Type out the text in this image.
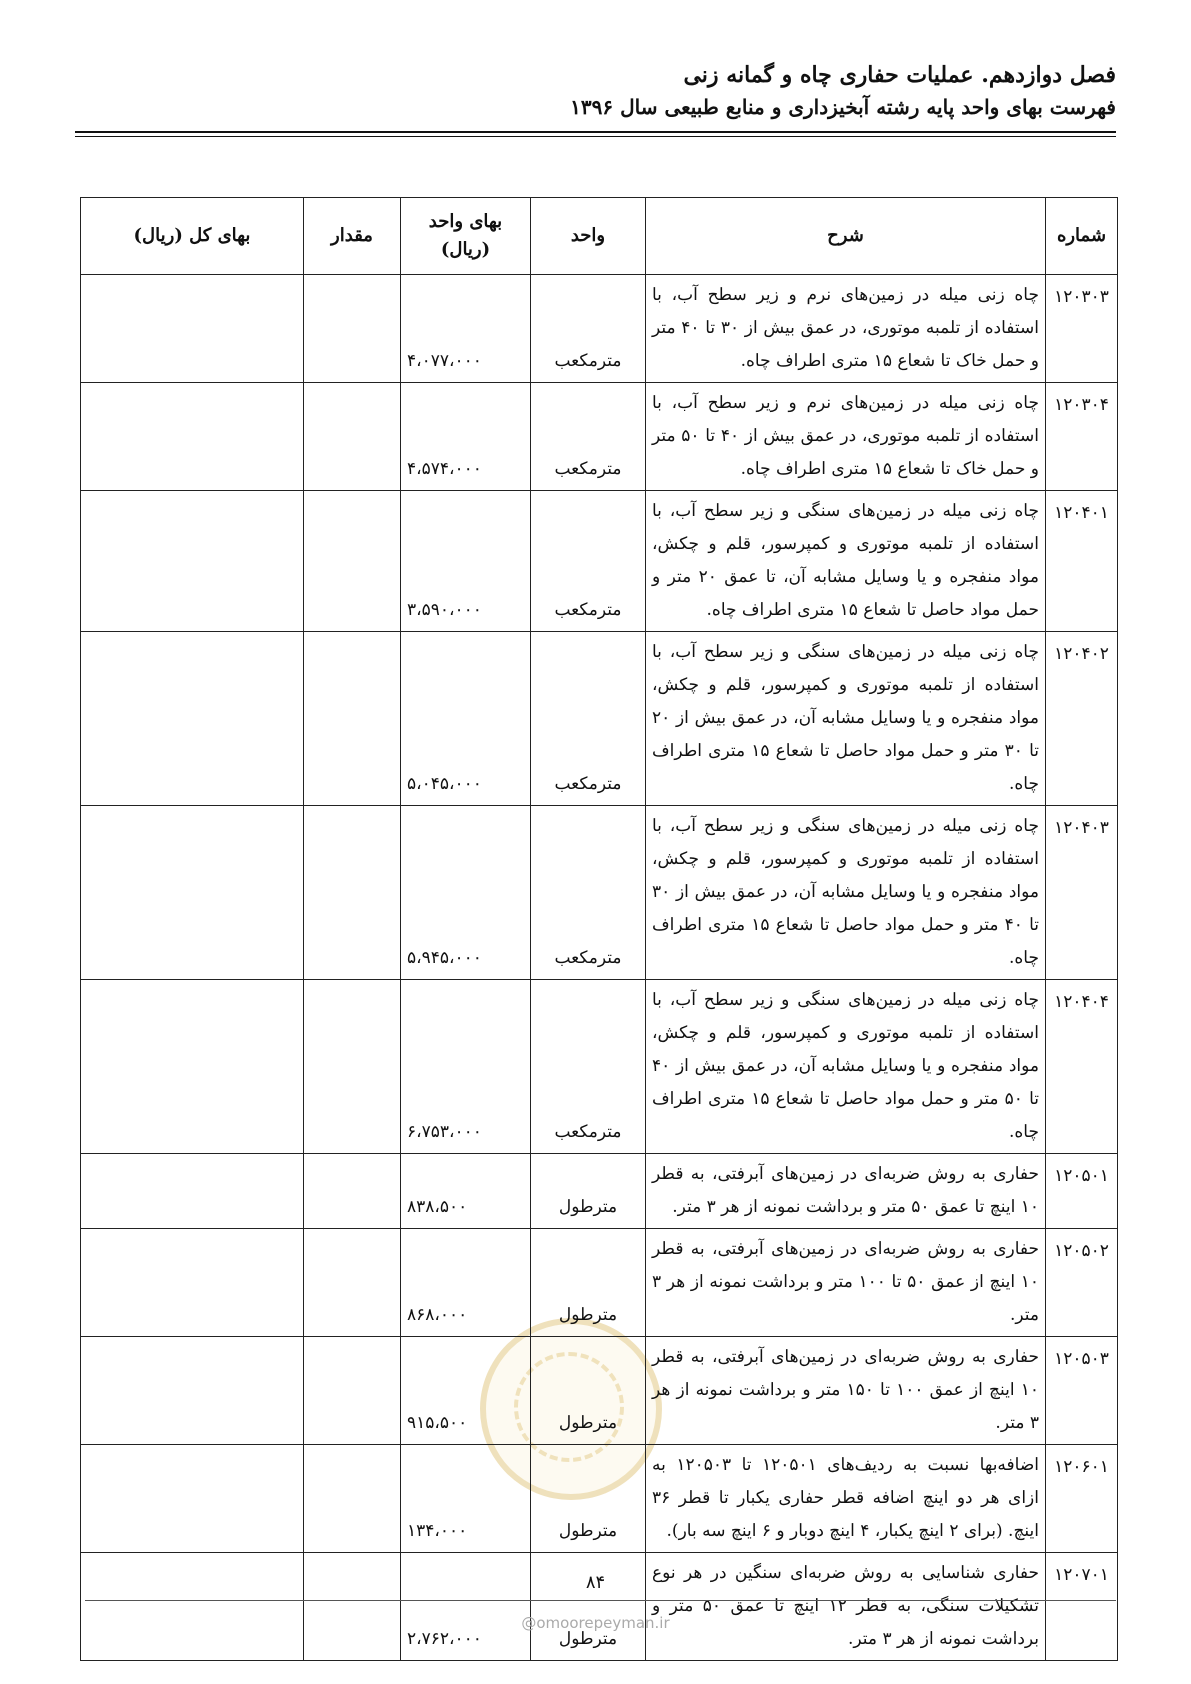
فصل دوازدهم. عملیات حفاری چاه و گمانه زنی
فهرست بهای واحد پایه رشته آبخیزداری و منابع طبیعی سال ۱۳۹۶
شماره	شرح	واحد	بهای واحد (ریال)	مقدار	بهای کل (ریال)
۱۲۰۳۰۳	چاه زنی میله در زمین‌های نرم و زیر سطح آب، با استفاده از تلمبه موتوری، در عمق بیش از ۳۰ تا ۴۰ متر و حمل خاک تا شعاع ۱۵ متری اطراف چاه.	مترمکعب	۴،۰۷۷،۰۰۰		
۱۲۰۳۰۴	چاه زنی میله در زمین‌های نرم و زیر سطح آب، با استفاده از تلمبه موتوری، در عمق بیش از ۴۰ تا ۵۰ متر و حمل خاک تا شعاع ۱۵ متری اطراف چاه.	مترمکعب	۴،۵۷۴،۰۰۰		
۱۲۰۴۰۱	چاه زنی میله در زمین‌های سنگی و زیر سطح آب، با استفاده از تلمبه موتوری و کمپرسور، قلم و چکش، مواد منفجره و یا وسایل مشابه آن، تا عمق ۲۰ متر و حمل مواد حاصل تا شعاع ۱۵ متری اطراف چاه.	مترمکعب	۳،۵۹۰،۰۰۰		
۱۲۰۴۰۲	چاه زنی میله در زمین‌های سنگی و زیر سطح آب، با استفاده از تلمبه موتوری و کمپرسور، قلم و چکش، مواد منفجره و یا وسایل مشابه آن، در عمق بیش از ۲۰ تا ۳۰ متر و حمل مواد حاصل تا شعاع ۱۵ متری اطراف چاه.	مترمکعب	۵،۰۴۵،۰۰۰		
۱۲۰۴۰۳	چاه زنی میله در زمین‌های سنگی و زیر سطح آب، با استفاده از تلمبه موتوری و کمپرسور، قلم و چکش، مواد منفجره و یا وسایل مشابه آن، در عمق بیش از ۳۰ تا ۴۰ متر و حمل مواد حاصل تا شعاع ۱۵ متری اطراف چاه.	مترمکعب	۵،۹۴۵،۰۰۰		
۱۲۰۴۰۴	چاه زنی میله در زمین‌های سنگی و زیر سطح آب، با استفاده از تلمبه موتوری و کمپرسور، قلم و چکش، مواد منفجره و یا وسایل مشابه آن، در عمق بیش از ۴۰ تا ۵۰ متر و حمل مواد حاصل تا شعاع ۱۵ متری اطراف چاه.	مترمکعب	۶،۷۵۳،۰۰۰		
۱۲۰۵۰۱	حفاری به روش ضربه‌ای در زمین‌های آبرفتی، به قطر ۱۰ اینچ تا عمق ۵۰ متر و برداشت نمونه از هر ۳ متر.	مترطول	۸۳۸،۵۰۰		
۱۲۰۵۰۲	حفاری به روش ضربه‌ای در زمین‌های آبرفتی، به قطر ۱۰ اینچ از عمق ۵۰ تا ۱۰۰ متر و برداشت نمونه از هر ۳ متر.	مترطول	۸۶۸،۰۰۰		
۱۲۰۵۰۳	حفاری به روش ضربه‌ای در زمین‌های آبرفتی، به قطر ۱۰ اینچ از عمق ۱۰۰ تا ۱۵۰ متر و برداشت نمونه از هر ۳ متر.	مترطول	۹۱۵،۵۰۰		
۱۲۰۶۰۱	اضافه‌بها نسبت به ردیف‌های ۱۲۰۵۰۱ تا ۱۲۰۵۰۳ به ازای هر دو اینچ اضافه قطر حفاری یکبار تا قطر ۳۶ اینچ. (برای ۲ اینچ یکبار، ۴ اینچ دوبار و ۶ اینچ سه بار).	مترطول	۱۳۴،۰۰۰		
۱۲۰۷۰۱	حفاری شناسایی به روش ضربه‌ای سنگین در هر نوع تشکیلات سنگی، به قطر ۱۲ اینچ تا عمق ۵۰ متر و برداشت نمونه از هر ۳ متر.	مترطول	۲،۷۶۲،۰۰۰		
۸۴
@omoorepeyman.ir
